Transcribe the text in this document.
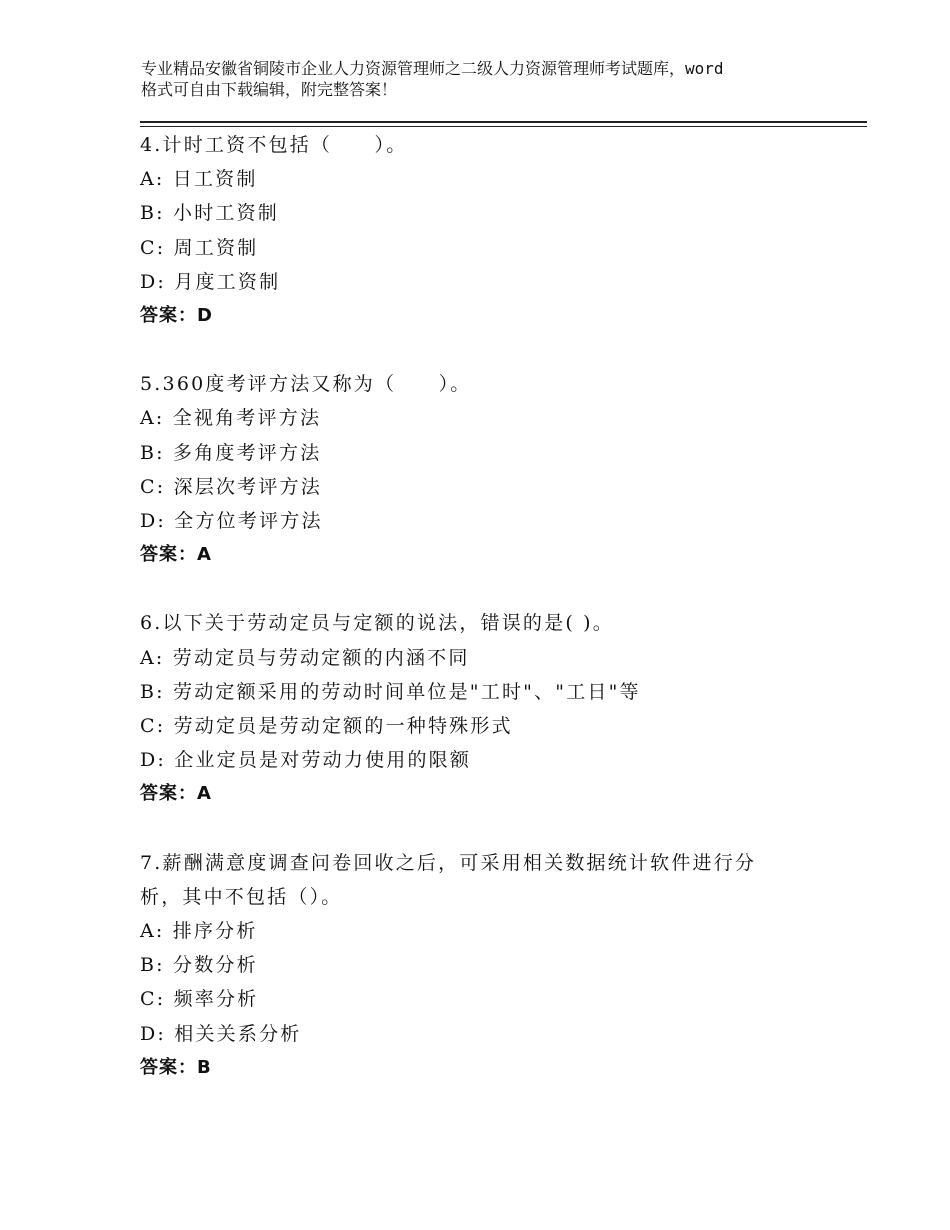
专业精品安徽省铜陵市企业人力资源管理师之二级人力资源管理师考试题库，word
格式可自由下载编辑，附完整答案！
4.计时工资不包括（　　）。
A: 日工资制
B: 小时工资制
C: 周工资制
D: 月度工资制
答案：D
5.360度考评方法又称为（　　）。
A: 全视角考评方法
B: 多角度考评方法
C: 深层次考评方法
D: 全方位考评方法
答案：A
6.以下关于劳动定员与定额的说法，错误的是( )。
A: 劳动定员与劳动定额的内涵不同
B: 劳动定额采用的劳动时间单位是"工时"、"工日"等
C: 劳动定员是劳动定额的一种特殊形式
D: 企业定员是对劳动力使用的限额
答案：A
7.薪酬满意度调查问卷回收之后，可采用相关数据统计软件进行分
析，其中不包括（）。
A: 排序分析
B: 分数分析
C: 频率分析
D: 相关关系分析
答案：B
